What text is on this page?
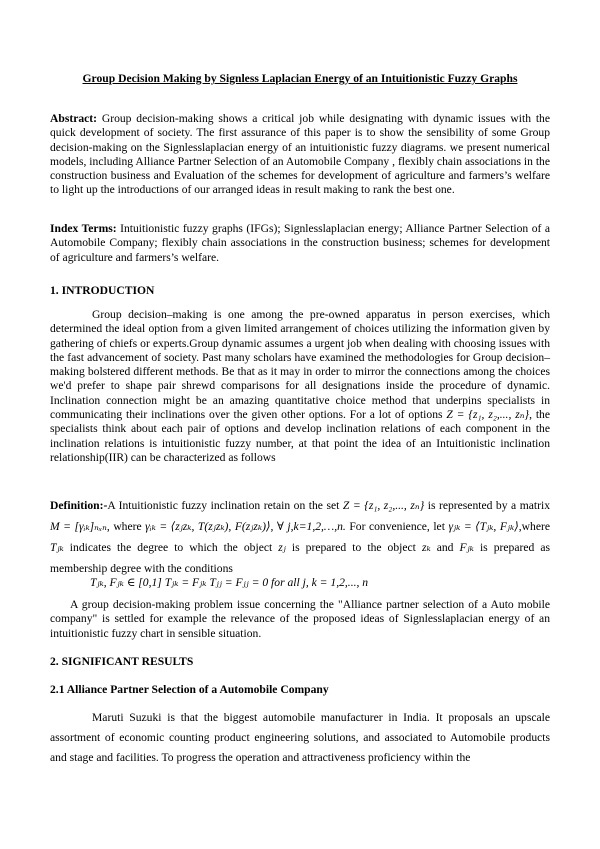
Group Decision Making by Signless Laplacian Energy of an Intuitionistic Fuzzy Graphs

Abstract: Group decision-making shows a critical job while designating with dynamic issues with the quick development of society. The first assurance of this paper is to show the sensibility of some Group decision-making on the Signlesslaplacian energy of an intuitionistic fuzzy diagrams. we present numerical models, including Alliance Partner Selection of an Automobile Company , flexibly chain associations in the construction business and Evaluation of the schemes for development of agriculture and farmers’s welfare to light up the introductions of our arranged ideas in result making to rank the best one.

Index Terms: Intuitionistic fuzzy graphs (IFGs); Signlesslaplacian energy; Alliance Partner Selection of a Automobile Company; flexibly chain associations in the construction business; schemes for development of agriculture and farmers’s welfare.

1. INTRODUCTION

Group decision–making is one among the pre-owned apparatus in person exercises, which determined the ideal option from a given limited arrangement of choices utilizing the information given by gathering of chiefs or experts.Group dynamic assumes a urgent job when dealing with choosing issues with the fast advancement of society. Past many scholars have examined the methodologies for Group decision–making bolstered different methods. Be that as it may in order to mirror the connections among the choices we'd prefer to shape pair shrewd comparisons for all designations inside the procedure of dynamic. Inclination connection might be an amazing quantitative choice method that underpins specialists in communicating their inclinations over the given other options. For a lot of options Z = {z₁, z₂,..., zₙ}, the specialists think about each pair of options and develop inclination relations of each component in the inclination relations is intuitionistic fuzzy number, at that point the idea of an Intuitionistic inclination relationship(IIR) can be characterized as follows

Definition:-A Intuitionistic fuzzy inclination retain on the set Z = {z₁, z₂,..., zₙ} is represented by a matrix M = [γᵢₖ]ₙₓₙ, where γᵢₖ = ⟨zⱼzₖ, T(zⱼzₖ), F(zⱼzₖ)⟩, ∀ j,k=1,2,…,n. For convenience, let γⱼₖ = ⟨Tⱼₖ, Fⱼₖ⟩,where Tⱼₖ indicates the degree to which the object zⱼ is prepared to the object zₖ and Fⱼₖ is prepared as membership degree with the conditions

Tⱼₖ, Fⱼₖ ∈ [0,1] Tⱼₖ = Fⱼₖ Tⱼⱼ = Fⱼⱼ = 0 for all j, k = 1,2,..., n

A group decision-making problem issue concerning the "Alliance partner selection of a Auto mobile company" is settled for example the relevance of the proposed ideas of Signlesslaplacian energy of an intuitionistic fuzzy chart in sensible situation.

2. SIGNIFICANT RESULTS

2.1 Alliance Partner Selection of a Automobile Company

Maruti Suzuki is that the biggest automobile manufacturer in India. It proposals an upscale assortment of economic counting product engineering solutions, and associated to Automobile products and stage and facilities. To progress the operation and attractiveness proficiency within the
